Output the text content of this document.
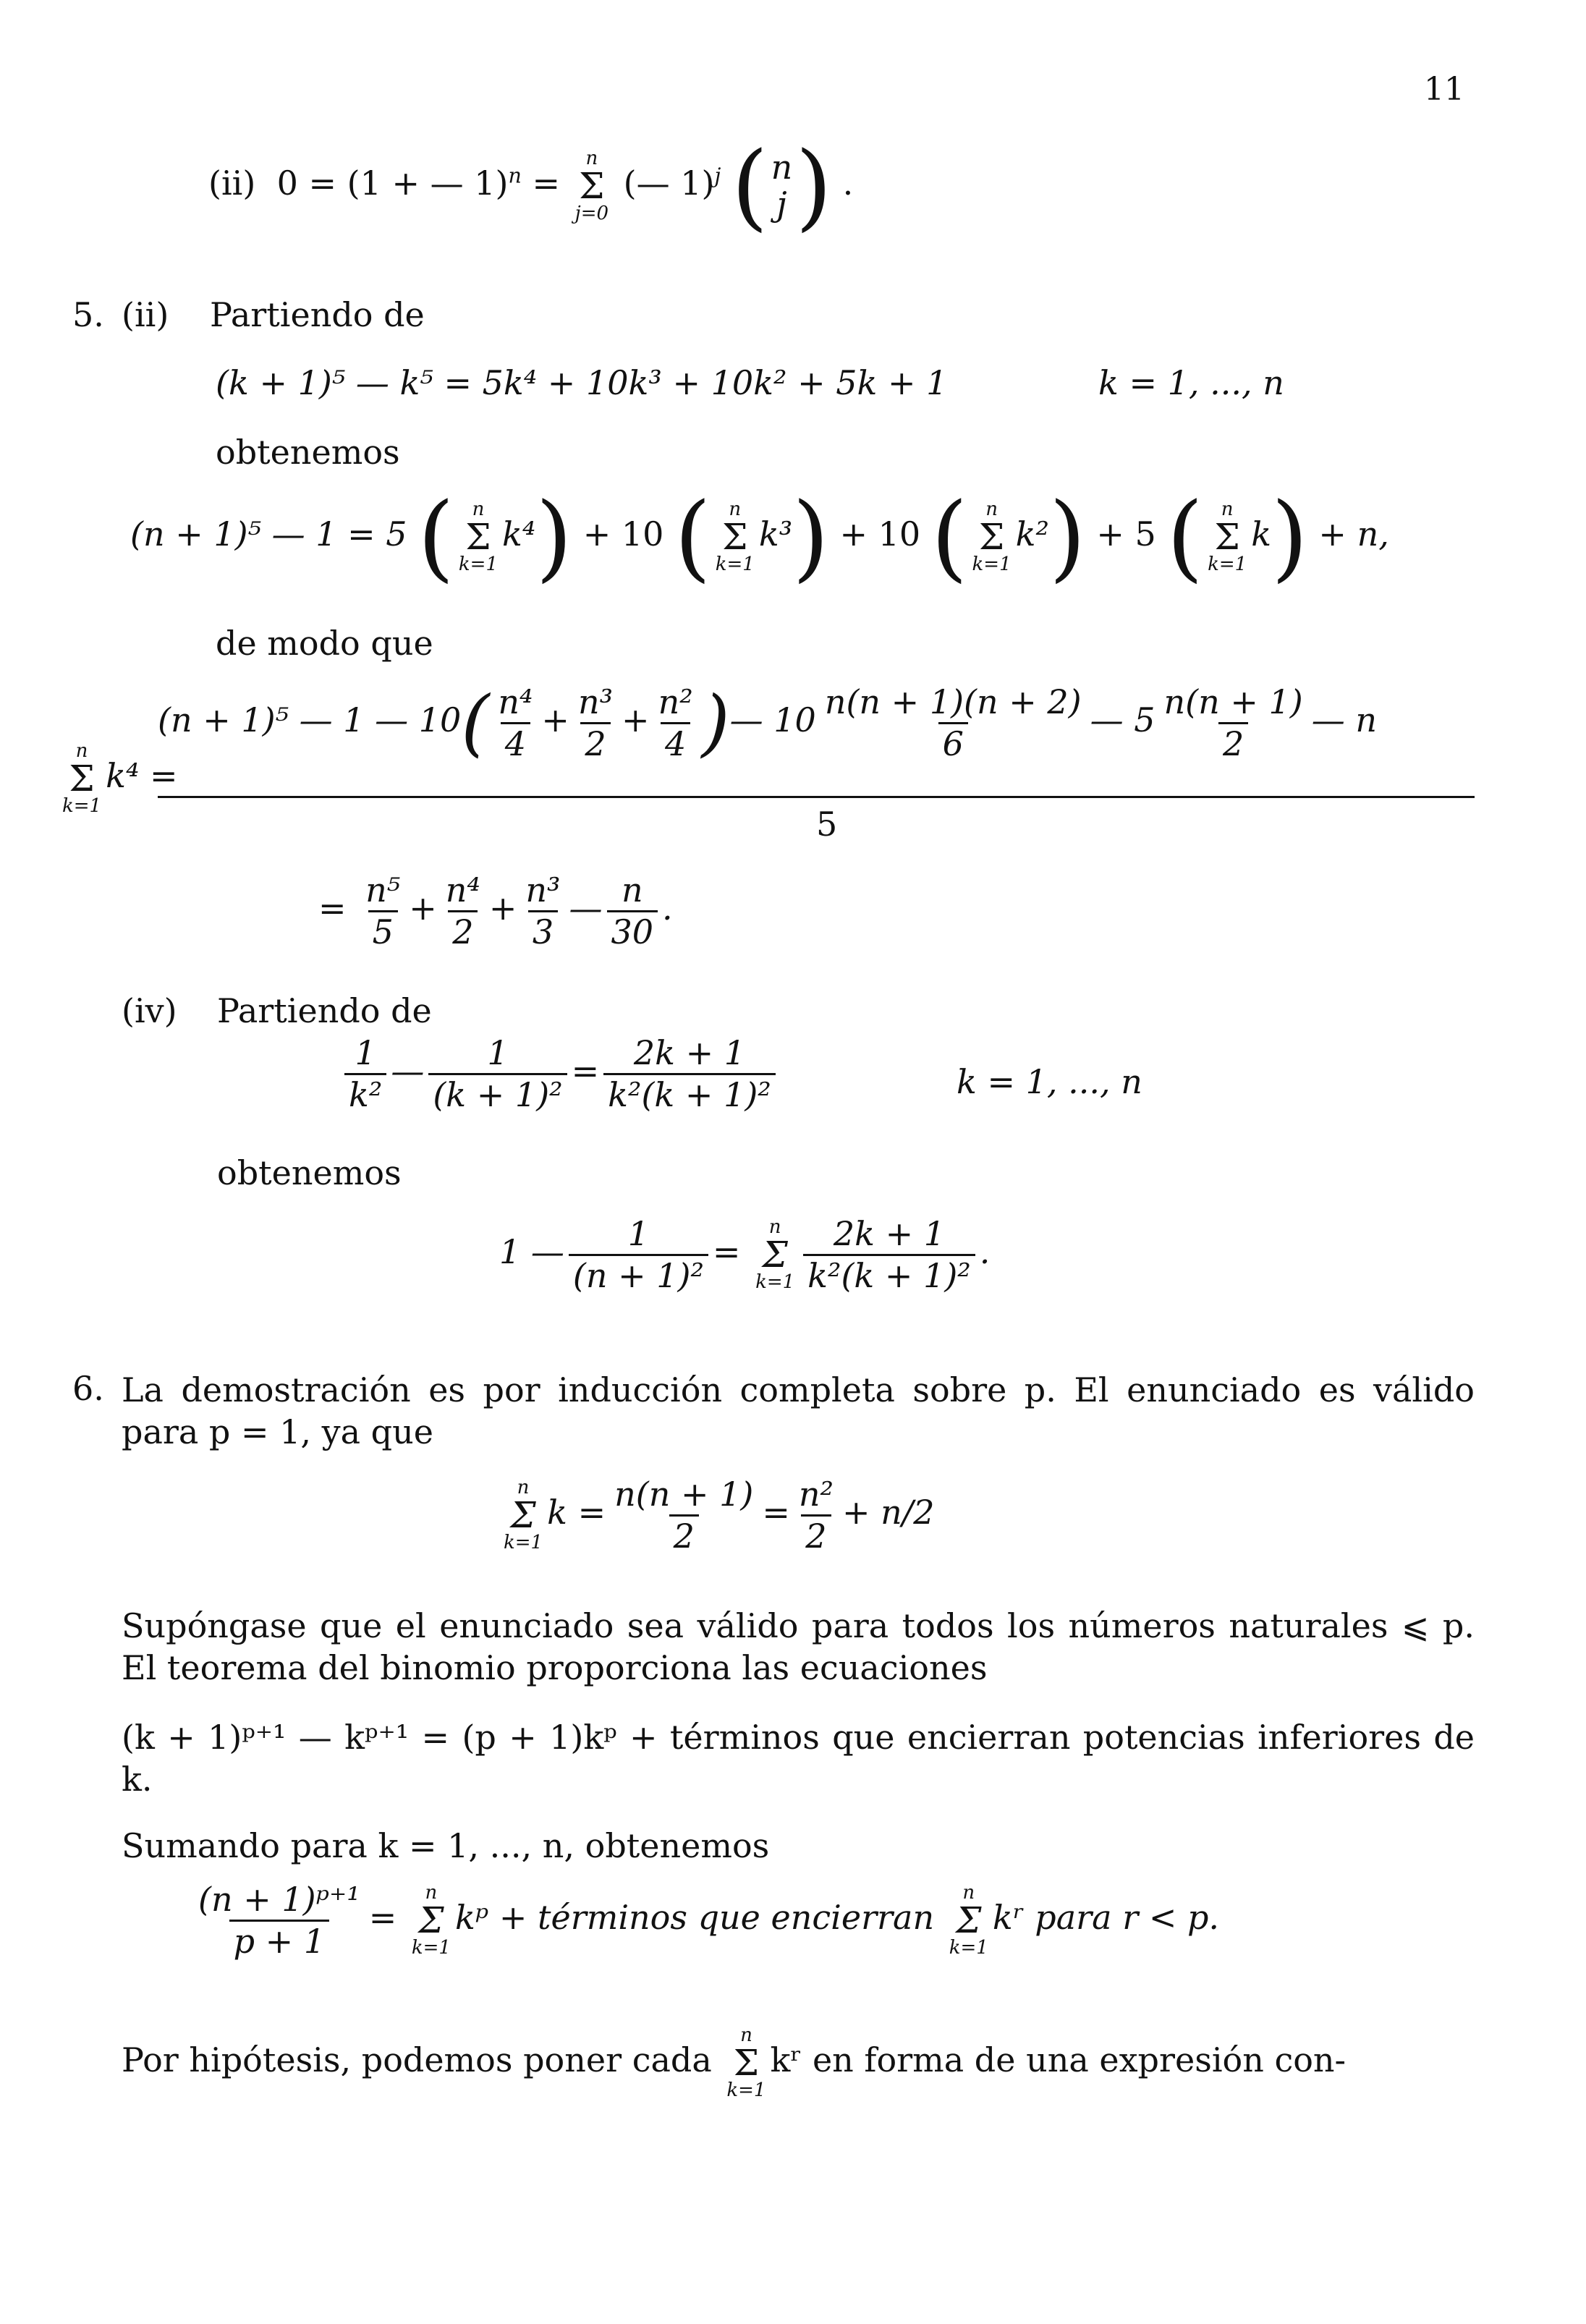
11
(ii) 0 = (1 + — 1)$^n$ =
n
Σ
j=0
(— 1)$^j$ ( n
j ) .
5. (ii) Partiendo de
(k + 1)⁵ — k⁵ = 5k⁴ + 10k³ + 10k² + 5k + 1	k = 1, ..., n
obtenemos
(n + 1)⁵ — 1 = 5 ( n
Σ
k=1
k⁴) + 10 ( n
Σ
k=1
k³) + 10 ( n
Σ
k=1
k²) + 5 ( n
Σ
k=1
k) + n,
de modo que
n
Σ
k=1
k⁴ =
(n + 1)⁵ — 1 — $10( \frac{\text{n⁴}}{4} + \frac{\text{n³}}{2} + \frac{\text{n²}}{4}$ )— $10 \frac{n(n + 1)(n + 2)}{6}$ — $5 \frac{n(n + 1)}{2}$ — n
5
= $\frac{\text{n⁵}}{5} + \frac{\text{n⁴}}{2} + \frac{\text{n³}}{3}$ — $\frac{n}{30}$ .
(iv) Partiendo de
$\frac{1}{\text{k²}}$ — $\frac{1}{\text{(k + 1)²}} = \frac{2k + 1}{\text{k²(k + 1)²}}$	k = 1, ..., n
obtenemos
1 — $\frac{1}{\text{(n + 1)²}}$ =
n
Σ
$k=1 \frac{2k + 1}{\text{k²(k + 1)²}}$ .
6. La demostración es por inducción completa sobre p. El enunciado es válido para p = 1, ya que
n
Σ
k=1
$k = \frac{n(n + 1)}{2} = \frac{\text{n²}}{2} + n/2$
Supóngase que el enunciado sea válido para todos los números naturales ⩽ p. El teorema del binomio proporciona las ecuaciones
(k + 1)ᵖ⁺¹ — kᵖ⁺¹ = (p + 1)kᵖ + términos que encierran potencias inferiores de k.
Sumando para k = 1, ..., n, obtenemos
$\frac{\text{(n + 1)ᵖ⁺¹}}{p + 1}$ =
n
Σ
k=1
kᵖ + términos que encierran
n
Σ
k=1
kʳ para r < p.
Por hipótesis, podemos poner cada
n
Σ
k=1
kʳ en forma de una expresión con-
